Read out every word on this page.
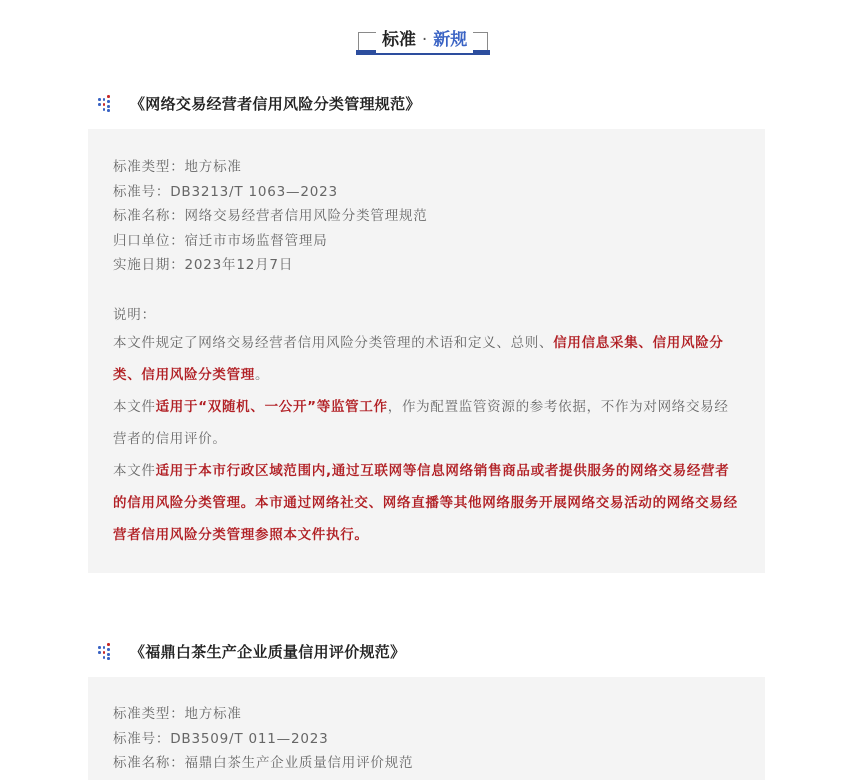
标准 · 新规
《网络交易经营者信用风险分类管理规范》
标准类型：地方标准
标准号：DB3213/T 1063—2023
标准名称：网络交易经营者信用风险分类管理规范
归口单位：宿迁市市场监督管理局
实施日期：2023年12月7日
说明：
本文件规定了网络交易经营者信用风险分类管理的术语和定义、总则、信用信息采集、信用风险分类、信用风险分类管理。
本文件适用于“双随机、一公开”等监管工作，作为配置监管资源的参考依据，不作为对网络交易经营者的信用评价。
本文件适用于本市行政区域范围内,通过互联网等信息网络销售商品或者提供服务的网络交易经营者的信用风险分类管理。本市通过网络社交、网络直播等其他网络服务开展网络交易活动的网络交易经营者信用风险分类管理参照本文件执行。
《福鼎白茶生产企业质量信用评价规范》
标准类型：地方标准
标准号：DB3509/T 011—2023
标准名称：福鼎白茶生产企业质量信用评价规范
